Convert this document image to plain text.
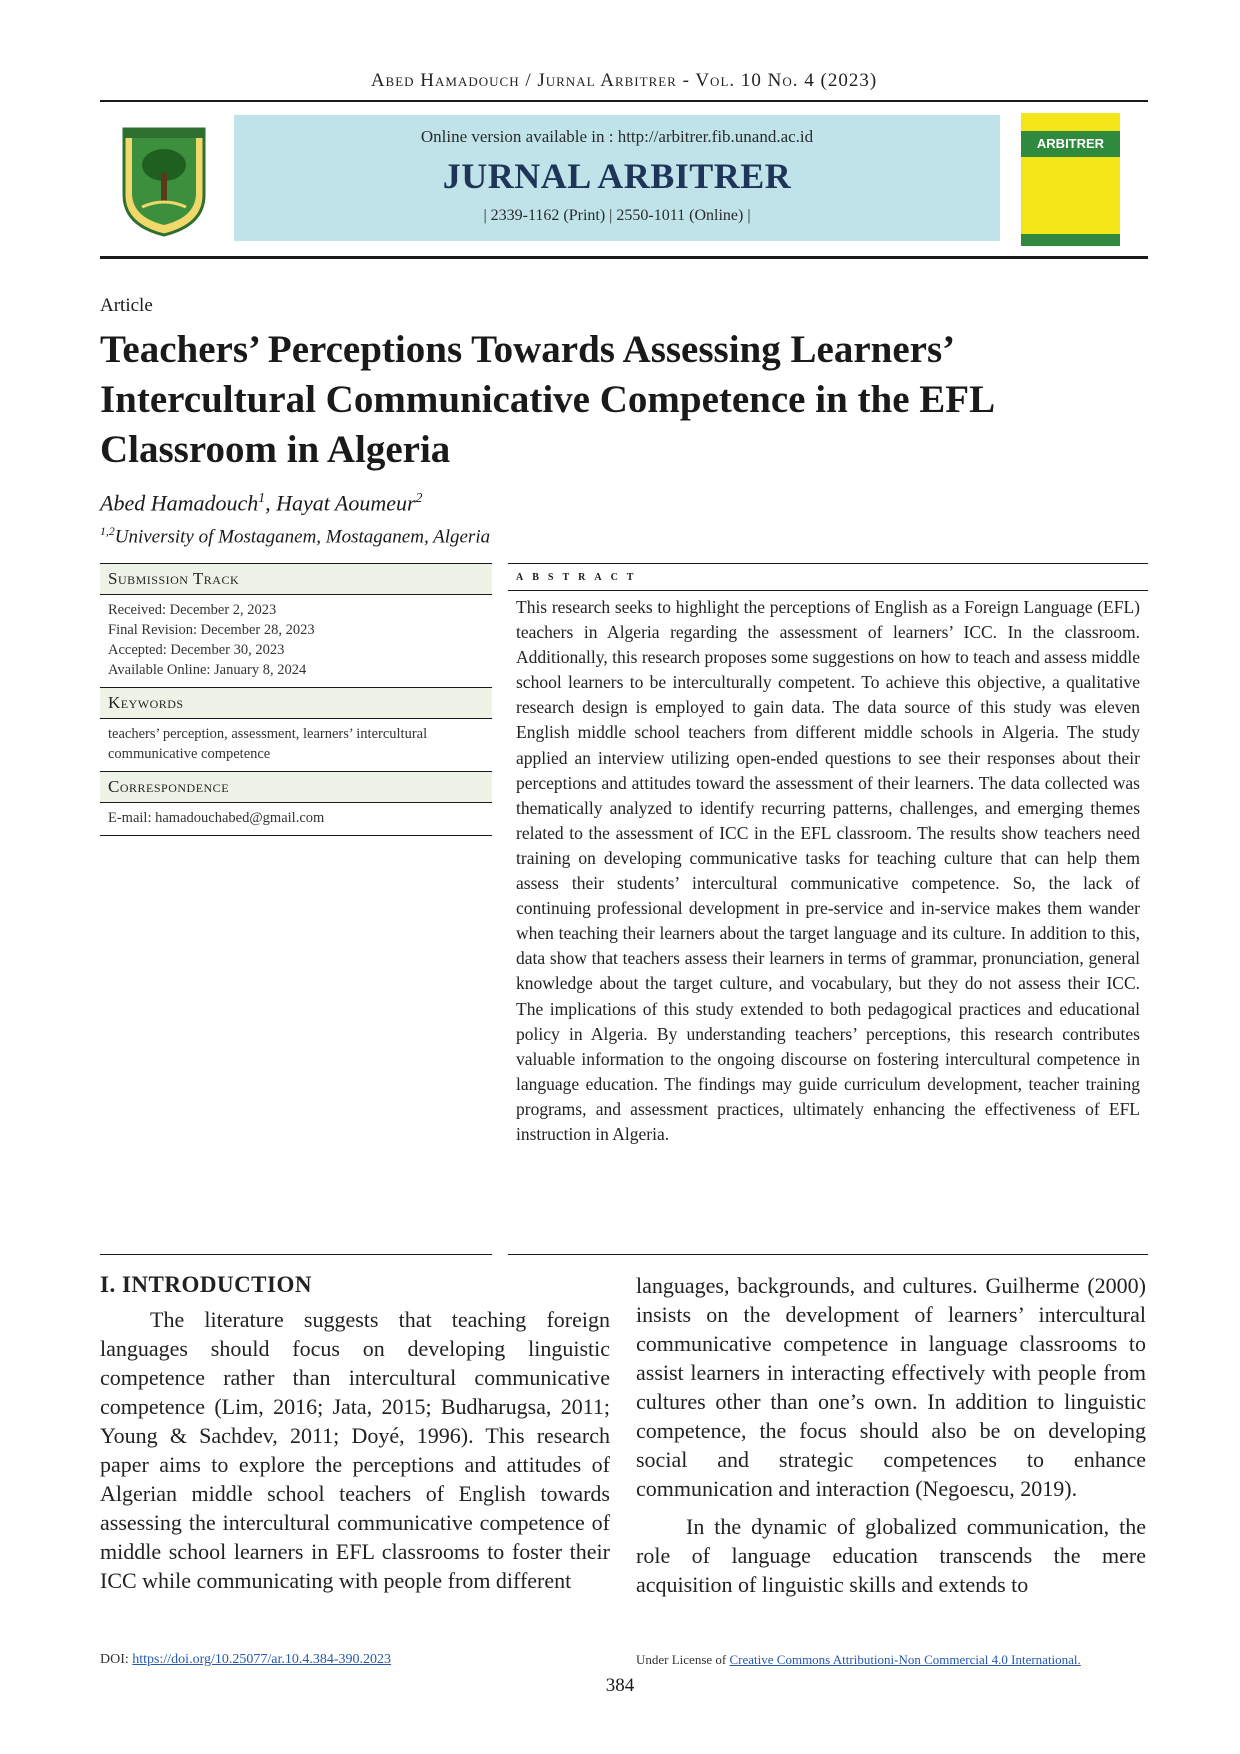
Abed Hamadouch / Jurnal Arbitrer - Vol. 10 No. 4 (2023)
Online version available in : http://arbitrer.fib.unand.ac.id
JURNAL ARBITRER
| 2339-1162 (Print) | 2550-1011 (Online) |
ARBITRER
Article
Teachers’ Perceptions Towards Assessing Learners’ Intercultural Communicative Competence in the EFL Classroom in Algeria
Abed Hamadouch$^1$, Hayat Aoumeur$^2$
$^{1,2}$University of Mostaganem, Mostaganem, Algeria
Submission Track
Received: December 2, 2023
Final Revision: December 28, 2023
Accepted: December 30, 2023
Available Online: January 8, 2024
Keywords
teachers’ perception, assessment, learners’ intercultural communicative competence
Correspondence
E-mail: hamadouchabed@gmail.com
abstract

This research seeks to highlight the perceptions of English as a Foreign Language (EFL) teachers in Algeria regarding the assessment of learners’ ICC. In the classroom. Additionally, this research proposes some suggestions on how to teach and assess middle school learners to be interculturally competent. To achieve this objective, a qualitative research design is employed to gain data. The data source of this study was eleven English middle school teachers from different middle schools in Algeria. The study applied an interview utilizing open-ended questions to see their responses about their perceptions and attitudes toward the assessment of their learners. The data collected was thematically analyzed to identify recurring patterns, challenges, and emerging themes related to the assessment of ICC in the EFL classroom. The results show teachers need training on developing communicative tasks for teaching culture that can help them assess their students’ intercultural communicative competence. So, the lack of continuing professional development in pre-service and in-service makes them wander when teaching their learners about the target language and its culture. In addition to this, data show that teachers assess their learners in terms of grammar, pronunciation, general knowledge about the target culture, and vocabulary, but they do not assess their ICC. The implications of this study extended to both pedagogical practices and educational policy in Algeria. By understanding teachers’ perceptions, this research contributes valuable information to the ongoing discourse on fostering intercultural competence in language education. The findings may guide curriculum development, teacher training programs, and assessment practices, ultimately enhancing the effectiveness of EFL instruction in Algeria.

I. INTRODUCTION

The literature suggests that teaching foreign languages should focus on developing linguistic competence rather than intercultural communicative competence (Lim, 2016; Jata, 2015; Budharugsa, 2011; Young & Sachdev, 2011; Doyé, 1996). This research paper aims to explore the perceptions and attitudes of Algerian middle school teachers of English towards assessing the intercultural communicative competence of middle school learners in EFL classrooms to foster their ICC while communicating with people from different

languages, backgrounds, and cultures. Guilherme (2000) insists on the development of learners’ intercultural communicative competence in language classrooms to assist learners in interacting effectively with people from cultures other than one’s own. In addition to linguistic competence, the focus should also be on developing social and strategic competences to enhance communication and interaction (Negoescu, 2019).

In the dynamic of globalized communication, the role of language education transcends the mere acquisition of linguistic skills and extends to

DOI: https://doi.org/10.25077/ar.10.4.384-390.2023	Under License of Creative Commons Attributioni-Non Commercial 4.0 International.
384
